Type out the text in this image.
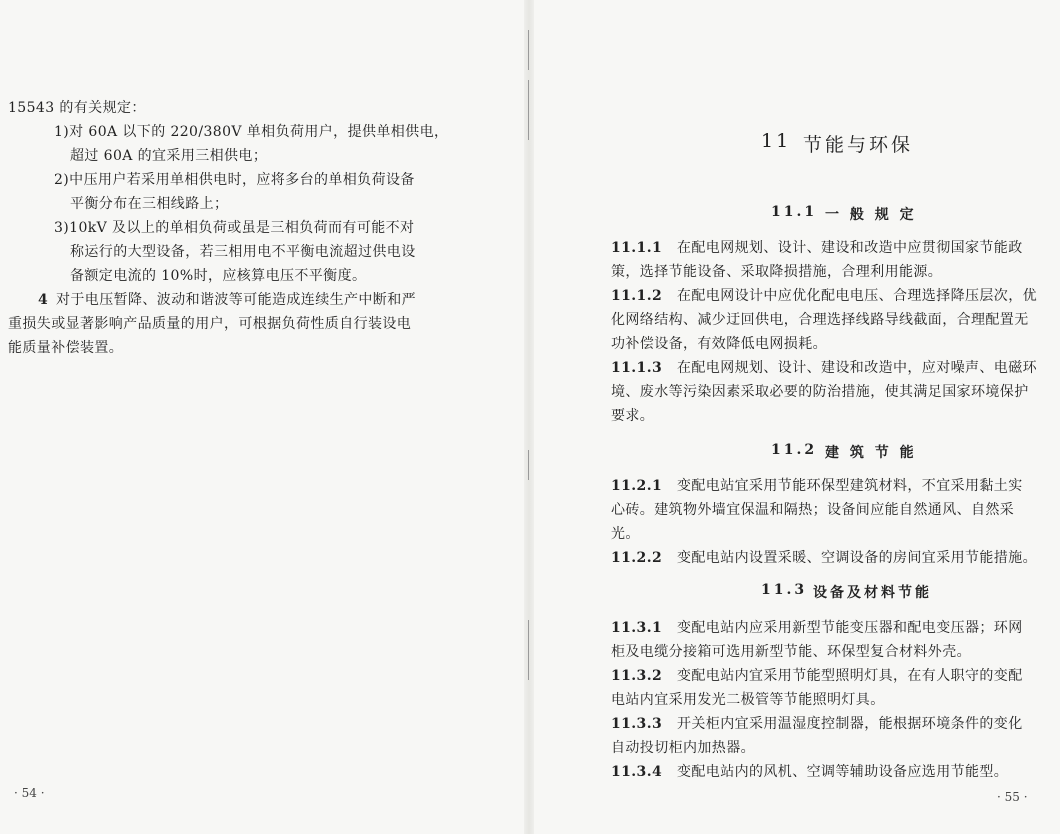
15543 的有关规定：
1)对 60A 以下的 220/380V 单相负荷用户，提供单相供电，
超过 60A 的宜采用三相供电；
2)中压用户若采用单相供电时，应将多台的单相负荷设备
平衡分布在三相线路上；
3)10kV 及以上的单相负荷或虽是三相负荷而有可能不对
称运行的大型设备，若三相用电不平衡电流超过供电设
备额定电流的 10%时，应核算电压不平衡度。
4 对于电压暂降、波动和谐波等可能造成连续生产中断和严
重损失或显著影响产品质量的用户，可根据负荷性质自行装设电
能质量补偿装置。
· 54 ·
11 节能与环保
11.1 一 般 规 定
11.1.1 在配电网规划、设计、建设和改造中应贯彻国家节能政
策，选择节能设备、采取降损措施，合理利用能源。
11.1.2 在配电网设计中应优化配电电压、合理选择降压层次，优
化网络结构、减少迂回供电，合理选择线路导线截面，合理配置无
功补偿设备，有效降低电网损耗。
11.1.3 在配电网规划、设计、建设和改造中，应对噪声、电磁环
境、废水等污染因素采取必要的防治措施，使其满足国家环境保护
要求。
11.2 建 筑 节 能
11.2.1 变配电站宜采用节能环保型建筑材料，不宜采用黏土实
心砖。建筑物外墙宜保温和隔热；设备间应能自然通风、自然采
光。
11.2.2 变配电站内设置采暖、空调设备的房间宜采用节能措施。
11.3 设备及材料节能
11.3.1 变配电站内应采用新型节能变压器和配电变压器；环网
柜及电缆分接箱可选用新型节能、环保型复合材料外壳。
11.3.2 变配电站内宜采用节能型照明灯具，在有人职守的变配
电站内宜采用发光二极管等节能照明灯具。
11.3.3 开关柜内宜采用温湿度控制器，能根据环境条件的变化
自动投切柜内加热器。
11.3.4 变配电站内的风机、空调等辅助设备应选用节能型。
· 55 ·
